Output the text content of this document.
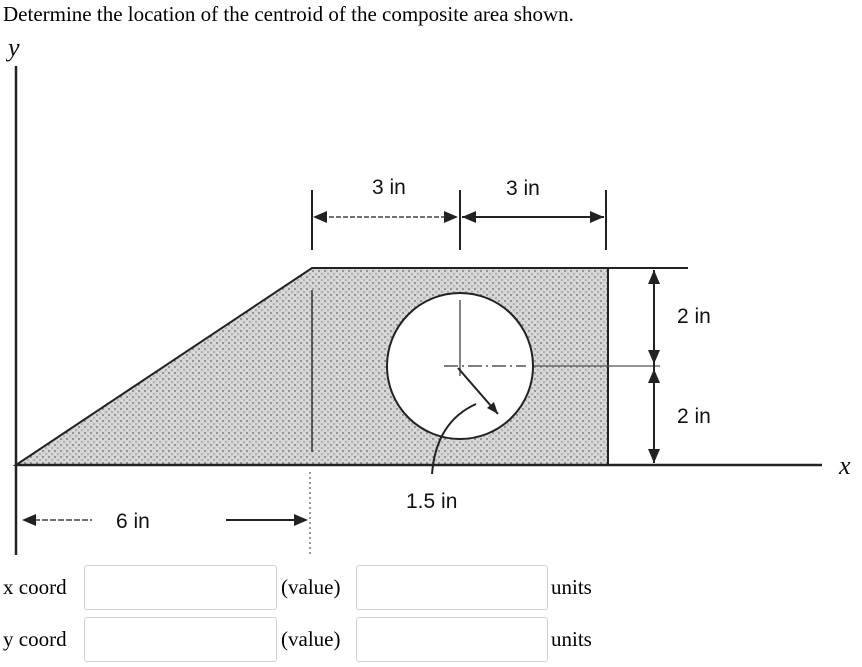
Determine the location of the centroid of the composite area shown.
y
x
1.5 in
3 in	3 in
2 in
2 in
6 in
x coord	(value)	units
y coord	(value)	units
